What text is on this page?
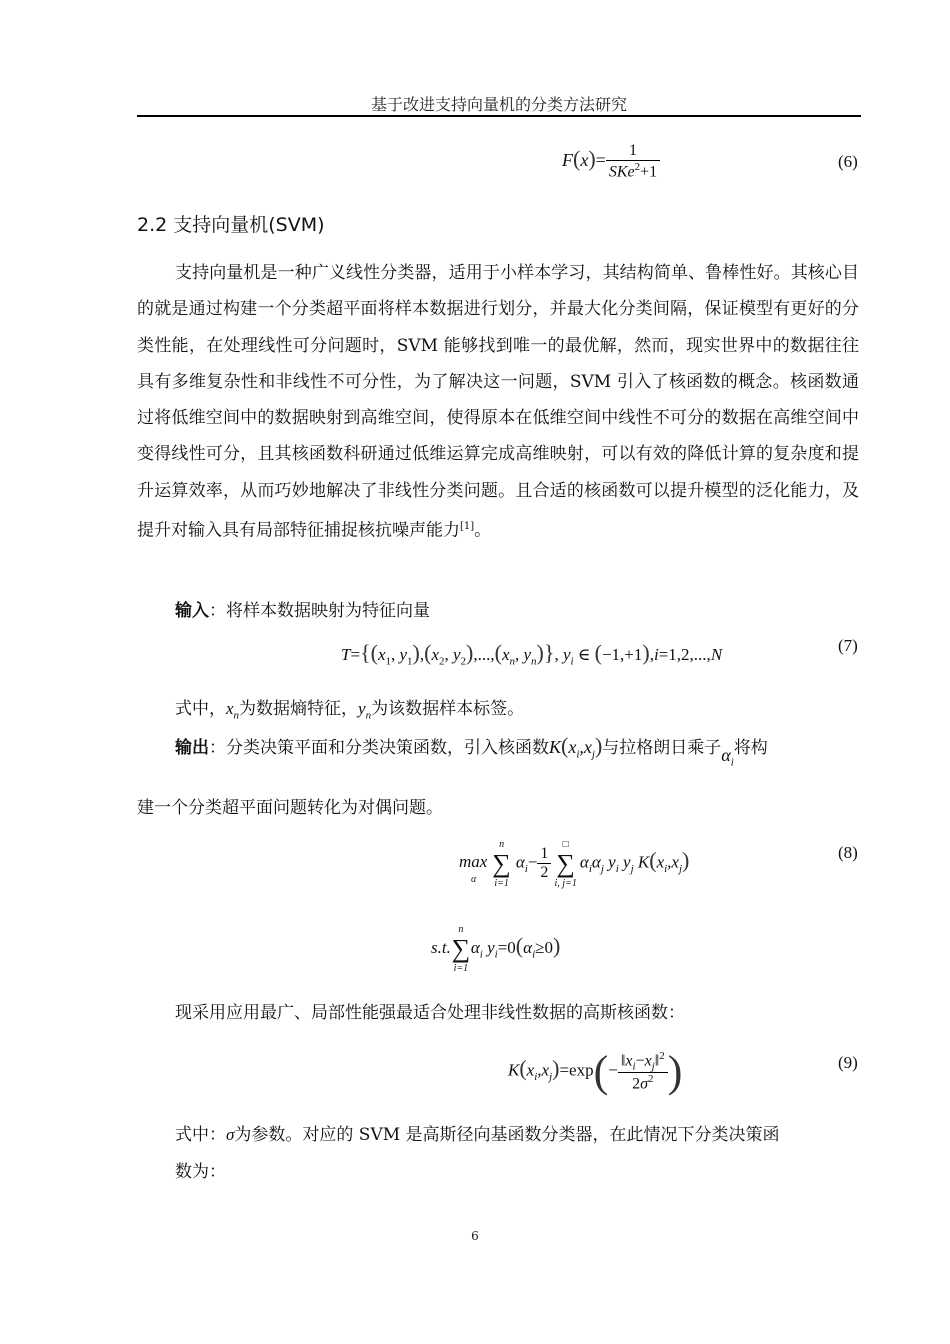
基于改进支持向量机的分类方法研究
$F(x)= \frac{1}{SKe^2+1}$	(6)
2.2 支持向量机(SVM)
支持向量机是一种广义线性分类器，适用于小样本学习，其结构简单、鲁棒性好。其核心目的就是通过构建一个分类超平面将样本数据进行划分，并最大化分类间隔，保证模型有更好的分类性能，在处理线性可分问题时，SVM 能够找到唯一的最优解，然而，现实世界中的数据往往具有多维复杂性和非线性不可分性，为了解决这一问题，SVM 引入了核函数的概念。核函数通过将低维空间中的数据映射到高维空间，使得原本在低维空间中线性不可分的数据在高维空间中变得线性可分，且其核函数科研通过低维运算完成高维映射，可以有效的降低计算的复杂度和提升运算效率，从而巧妙地解决了非线性分类问题。且合适的核函数可以提升模型的泛化能力，及提升对输入具有局部特征捕捉核抗噪声能力[1]。
输入：将样本数据映射为特征向量
$T=\{(x_1$, $y_1),(x_2$, $y_2),...,(x_n$, $y_n$)}, $y_i$ ∈ (−1,+1),i=1,2,...,N	(7)
式中，$x_n$为数据熵特征，$y_n$为该数据样本标签。
输出：分类决策平面和分类决策函数，引入核函数$K(x_i,x_j)$与拉格朗日乘子$\alpha_i$将构
建一个分类超平面问题转化为对偶问题。
max
α

n
∑
i=1
$\alpha_i- \frac{1}{2}$

□
∑
i, j=1
$\alpha_i\alpha_j$ $y_i$ $y_j$ $K(x_i,x_j)$	(8)
s.t.
n
∑
i=1
$\alpha_i$ $y_i=0(\alpha_i\ge 0)$
现采用应用最广、局部性能强最适合处理非线性数据的高斯核函数：
$K(x_i,x_j)=\exp(- \frac{‖x_i-x_j‖^2}{2\sigma^2}$ )	(9)
式中：σ为参数。对应的 SVM 是高斯径向基函数分类器，在此情况下分类决策函
数为：
6
